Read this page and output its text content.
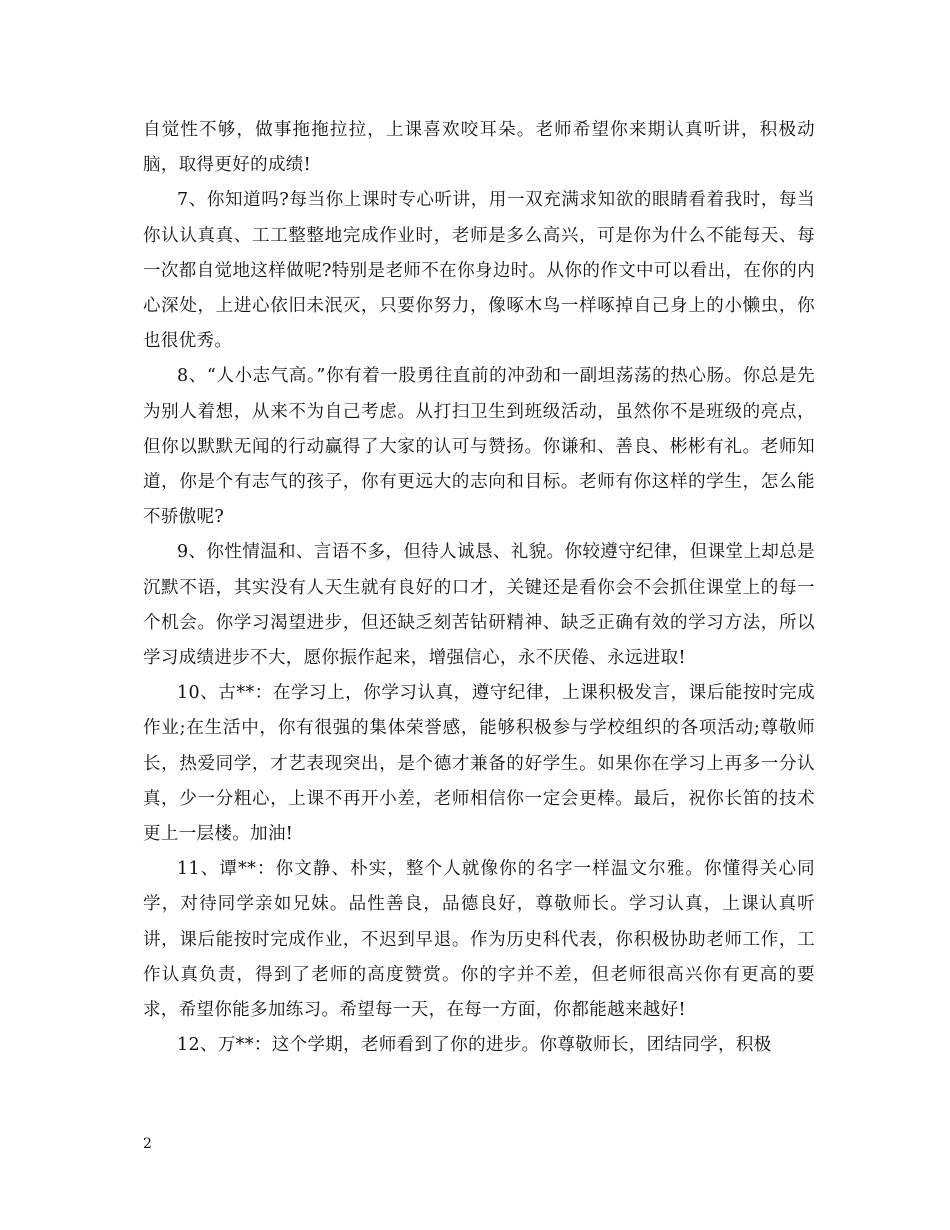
自觉性不够，做事拖拖拉拉，上课喜欢咬耳朵。老师希望你来期认真听讲，积极动脑，取得更好的成绩!

7、你知道吗?每当你上课时专心听讲，用一双充满求知欲的眼睛看着我时，每当你认认真真、工工整整地完成作业时，老师是多么高兴，可是你为什么不能每天、每一次都自觉地这样做呢?特别是老师不在你身边时。从你的作文中可以看出，在你的内心深处，上进心依旧未泯灭，只要你努力，像啄木鸟一样啄掉自己身上的小懒虫，你也很优秀。

8、“人小志气高。”你有着一股勇往直前的冲劲和一副坦荡荡的热心肠。你总是先为别人着想，从来不为自己考虑。从打扫卫生到班级活动，虽然你不是班级的亮点，但你以默默无闻的行动赢得了大家的认可与赞扬。你谦和、善良、彬彬有礼。老师知道，你是个有志气的孩子，你有更远大的志向和目标。老师有你这样的学生，怎么能不骄傲呢?

9、你性情温和、言语不多，但待人诚恳、礼貌。你较遵守纪律，但课堂上却总是沉默不语，其实没有人天生就有良好的口才，关键还是看你会不会抓住课堂上的每一个机会。你学习渴望进步，但还缺乏刻苦钻研精神、缺乏正确有效的学习方法，所以学习成绩进步不大，愿你振作起来，增强信心，永不厌倦、永远进取!

10、古**：在学习上，你学习认真，遵守纪律，上课积极发言，课后能按时完成作业;在生活中，你有很强的集体荣誉感，能够积极参与学校组织的各项活动;尊敬师长，热爱同学，才艺表现突出，是个德才兼备的好学生。如果你在学习上再多一分认真，少一分粗心，上课不再开小差，老师相信你一定会更棒。最后，祝你长笛的技术更上一层楼。加油!

11、谭**：你文静、朴实，整个人就像你的名字一样温文尔雅。你懂得关心同学，对待同学亲如兄妹。品性善良，品德良好，尊敬师长。学习认真，上课认真听讲，课后能按时完成作业，不迟到早退。作为历史科代表，你积极协助老师工作，工作认真负责，得到了老师的高度赞赏。你的字并不差，但老师很高兴你有更高的要求，希望你能多加练习。希望每一天，在每一方面，你都能越来越好!

12、万**：这个学期，老师看到了你的进步。你尊敬师长，团结同学，积极

2
